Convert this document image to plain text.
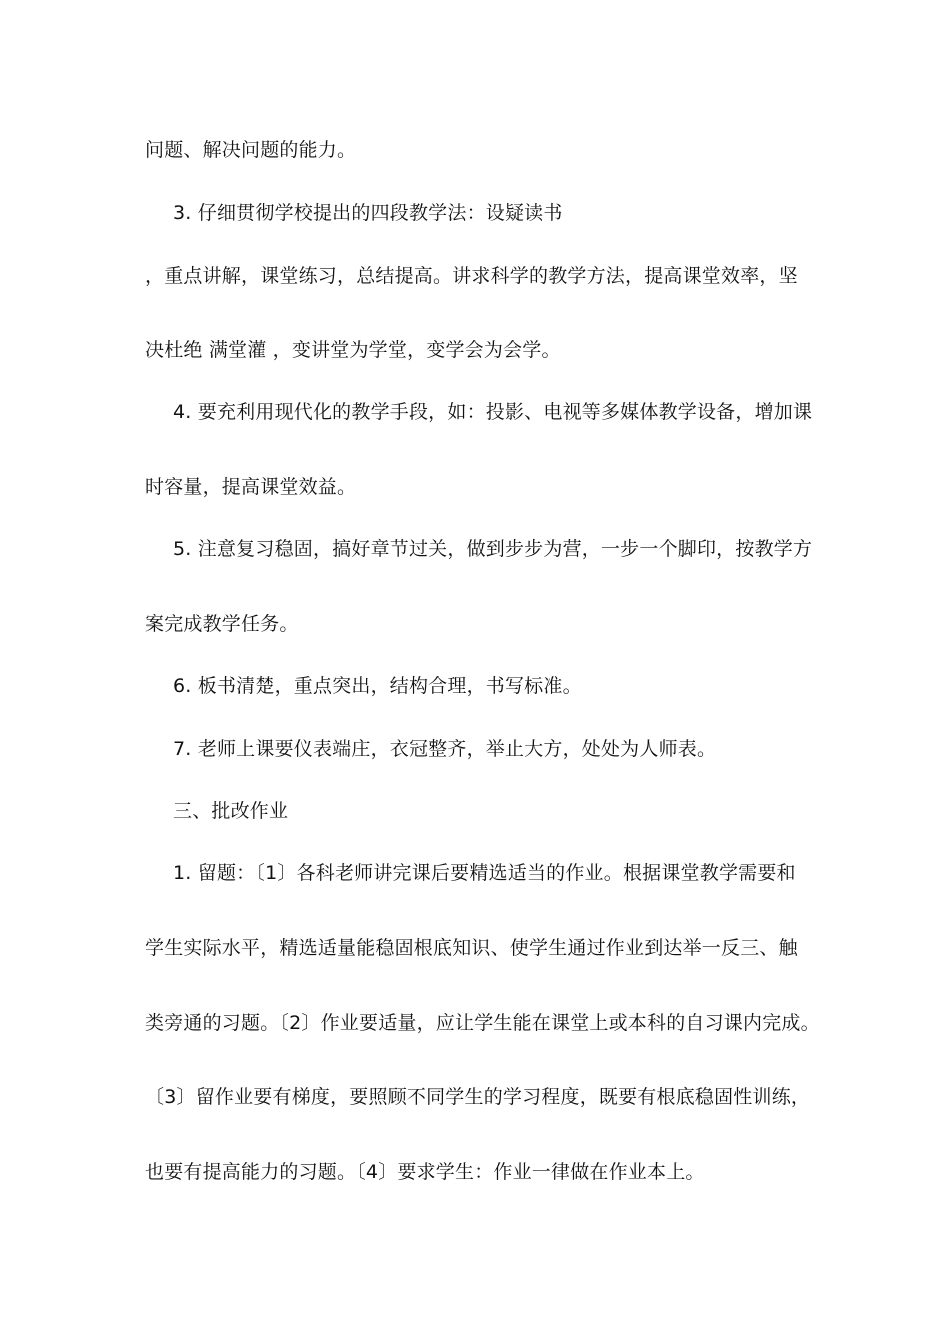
问题、解决问题的能力。
3. 仔细贯彻学校提出的四段教学法：设疑读书
，重点讲解，课堂练习，总结提高。讲求科学的教学方法，提高课堂效率，坚
决杜绝 满堂灌 ，变讲堂为学堂，变学会为会学。
4. 要充利用现代化的教学手段，如：投影、电视等多媒体教学设备，增加课
时容量，提高课堂效益。
5. 注意复习稳固，搞好章节过关，做到步步为营，一步一个脚印，按教学方
案完成教学任务。
6. 板书清楚，重点突出，结构合理，书写标准。
7. 老师上课要仪表端庄，衣冠整齐，举止大方，处处为人师表。
三、批改作业
1. 留题：〔1〕各科老师讲完课后要精选适当的作业。根据课堂教学需要和
学生实际水平，精选适量能稳固根底知识、使学生通过作业到达举一反三、触
类旁通的习题。〔2〕作业要适量，应让学生能在课堂上或本科的自习课内完成。
〔3〕留作业要有梯度，要照顾不同学生的学习程度，既要有根底稳固性训练，
也要有提高能力的习题。〔4〕要求学生：作业一律做在作业本上。
